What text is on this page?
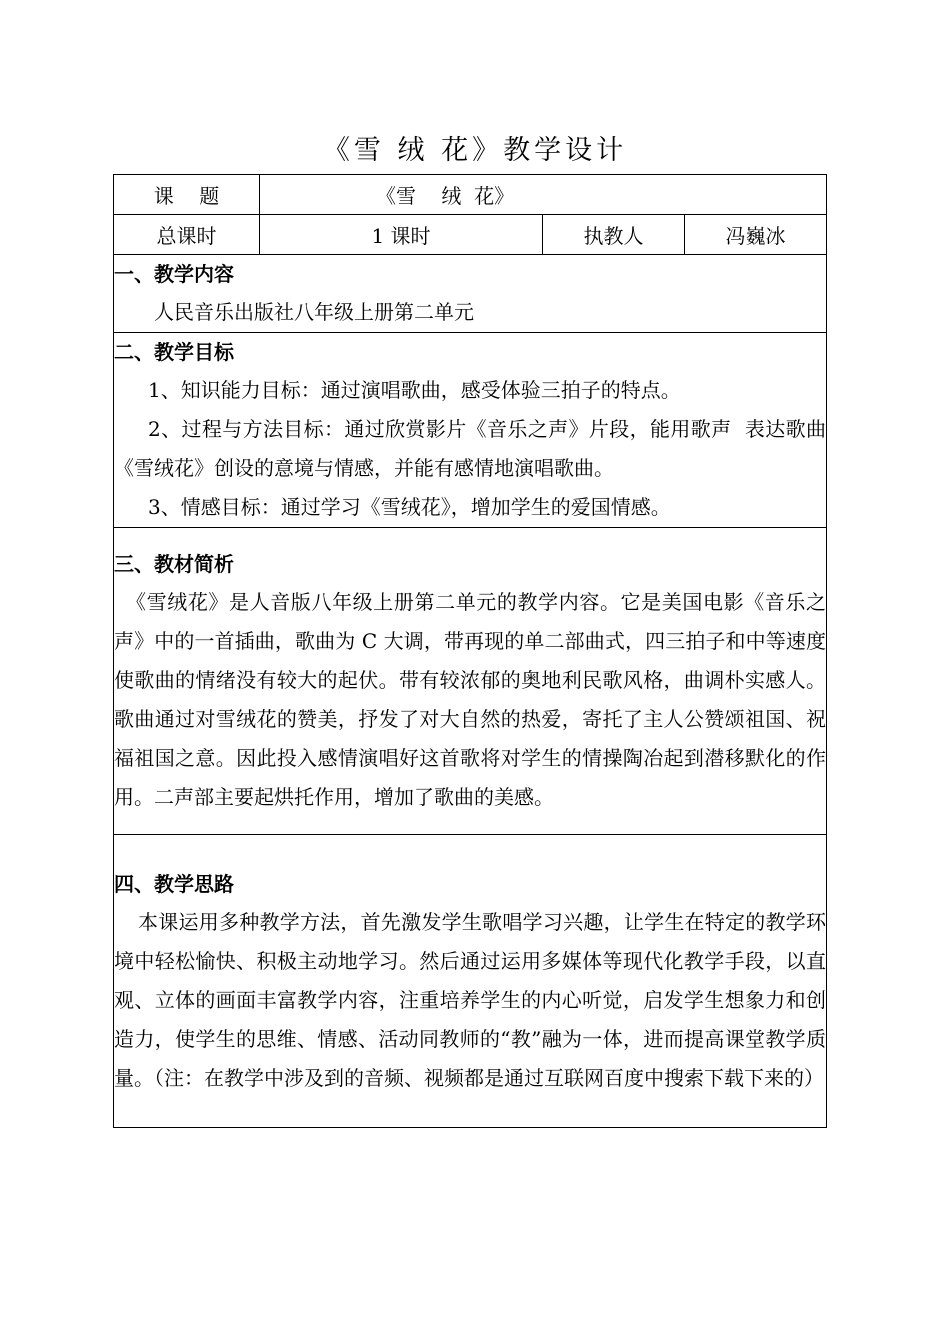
《雪 绒 花》教学设计
课    题	《雪    绒  花》		
总课时	1 课时	执教人	冯巍冰

一、教学内容

人民音乐出版社八年级上册第二单元			

二、教学目标

1、知识能力目标：通过演唱歌曲，感受体验三拍子的特点。

2、过程与方法目标：通过欣赏影片《音乐之声》片段，能用歌声  表达歌曲《雪绒花》创设的意境与情感，并能有感情地演唱歌曲。

3、情感目标：通过学习《雪绒花》，增加学生的爱国情感。			

三、教材简析

《雪绒花》是人音版八年级上册第二单元的教学内容。它是美国电影《音乐之声》中的一首插曲，歌曲为 C 大调，带再现的单二部曲式，四三拍子和中等速度使歌曲的情绪没有较大的起伏。带有较浓郁的奥地利民歌风格，曲调朴实感人。歌曲通过对雪绒花的赞美，抒发了对大自然的热爱，寄托了主人公赞颂祖国、祝福祖国之意。因此投入感情演唱好这首歌将对学生的情操陶冶起到潜移默化的作用。二声部主要起烘托作用，增加了歌曲的美感。			

四、教学思路

本课运用多种教学方法，首先激发学生歌唱学习兴趣，让学生在特定的教学环境中轻松愉快、积极主动地学习。然后通过运用多媒体等现代化教学手段，以直观、立体的画面丰富教学内容，注重培养学生的内心听觉，启发学生想象力和创造力，使学生的思维、情感、活动同教师的“教”融为一体，进而提高课堂教学质量。（注：在教学中涉及到的音频、视频都是通过互联网百度中搜索下载下来的）			
